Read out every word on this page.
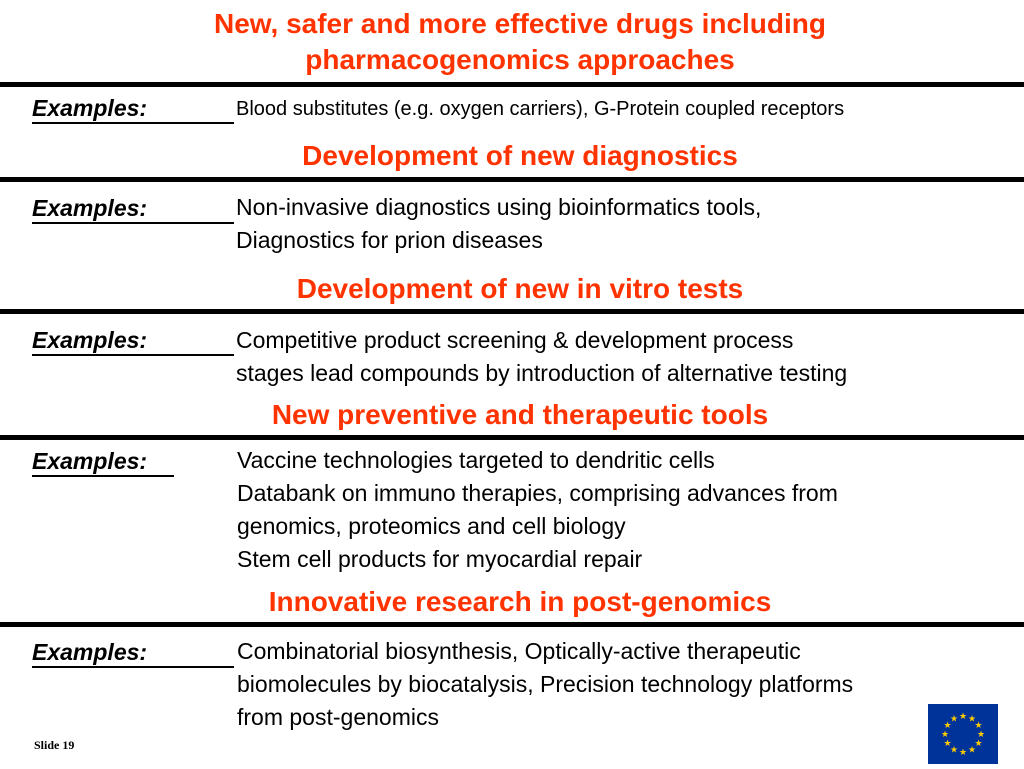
New, safer and more effective drugs including
pharmacogenomics approaches
Examples:	Blood substitutes (e.g. oxygen carriers), G-Protein coupled receptors
Development of new diagnostics
Examples:	Non-invasive diagnostics using bioinformatics tools,
Diagnostics for prion diseases
Development of new in vitro tests
Examples:	Competitive product screening & development process
stages lead compounds by introduction of alternative testing
New preventive and therapeutic tools
Examples:	Vaccine technologies targeted to dendritic cells
Databank on immuno therapies, comprising advances from
genomics, proteomics and cell biology
Stem cell products for myocardial repair
Innovative research in post-genomics
Examples:	Combinatorial biosynthesis, Optically-active therapeutic
biomolecules by biocatalysis, Precision technology platforms
from post-genomics
Slide 19
★ ★
★
★
★
★
★
★
★
★
★
★
